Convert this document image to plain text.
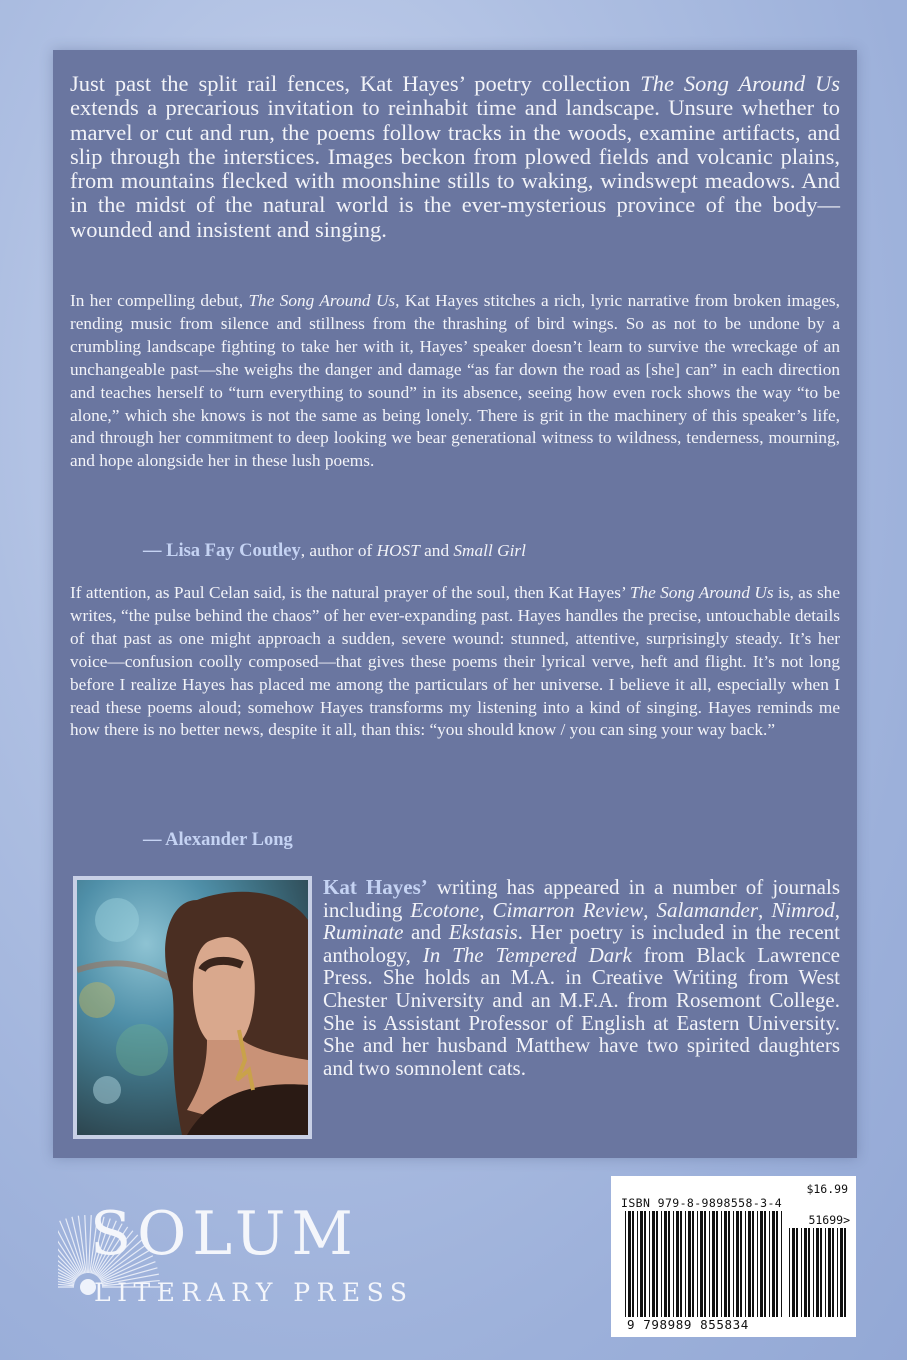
Just past the split rail fences, Kat Hayes’ poetry collection The Song Around Us extends a precarious invitation to reinhabit time and landscape. Unsure whether to marvel or cut and run, the poems follow tracks in the woods, examine artifacts, and slip through the interstices. Images beckon from plowed fields and volcanic plains, from mountains flecked with moonshine stills to waking, windswept meadows. And in the midst of the natural world is the ever-mysterious province of the body—wounded and insistent and singing.

In her compelling debut, The Song Around Us, Kat Hayes stitches a rich, lyric narrative from broken images, rending music from silence and stillness from the thrashing of bird wings. So as not to be undone by a crumbling landscape fighting to take her with it, Hayes’ speaker doesn’t learn to survive the wreckage of an unchangeable past—she weighs the danger and damage “as far down the road as [she] can” in each direction and teaches herself to “turn everything to sound” in its absence, seeing how even rock shows the way “to be alone,” which she knows is not the same as being lonely. There is grit in the machinery of this speaker’s life, and through her commitment to deep looking we bear generational witness to wildness, tenderness, mourning, and hope alongside her in these lush poems.

— Lisa Fay Coutley, author of HOST and Small Girl

If attention, as Paul Celan said, is the natural prayer of the soul, then Kat Hayes’ The Song Around Us is, as she writes, “the pulse behind the chaos” of her ever-expanding past. Hayes handles the precise, untouchable details of that past as one might approach a sudden, severe wound: stunned, attentive, surprisingly steady. It’s her voice—confusion coolly composed—that gives these poems their lyrical verve, heft and flight. It’s not long before I realize Hayes has placed me among the particulars of her universe. I believe it all, especially when I read these poems aloud; somehow Hayes transforms my listening into a kind of singing. Hayes reminds me how there is no better news, despite it all, than this: “you should know / you can sing your way back.”

— Alexander Long

Kat Hayes’ writing has appeared in a number of journals including Ecotone, Cimarron Review, Salamander, Nimrod, Ruminate and Ekstasis. Her poetry is included in the recent anthology, In The Tempered Dark from Black Lawrence Press. She holds an M.A. in Creative Writing from West Chester University and an M.F.A. from Rosemont College. She is Assistant Professor of English at Eastern University. She and her husband Matthew have two spirited daughters and two somnolent cats.

SOLUM
LITERARY PRESS
$16.99
ISBN 979-8-9898558-3-4
51699>
9 798989 855834
